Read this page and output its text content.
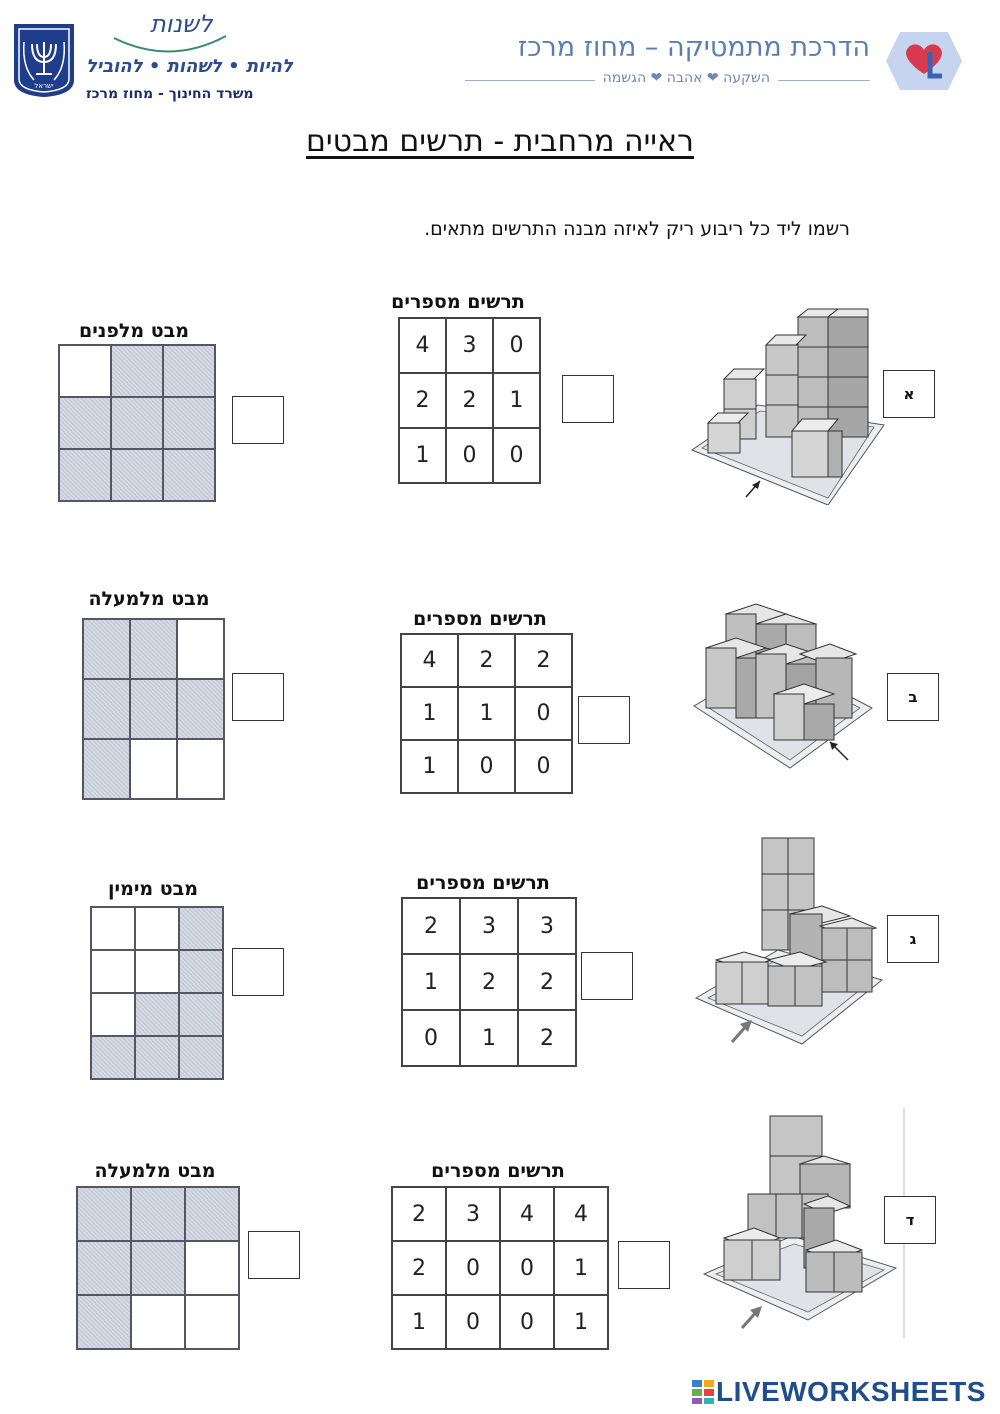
ישראל
לשנות
להיות • לשהות • להוביל
משרד החינוך - מחוז מרכז
הדרכת מתמטיקה – מחוז מרכז
השקעה ❤ אהבה ❤ הגשמה
ראייה מרחבית - תרשים מבטים
רשמו ליד כל ריבוע ריק לאיזה מבנה התרשים מתאים.
מבט מלפנים

תרשים מספרים
4	3	0
2	2	1
1	0	0
א
מבט מלמעלה

תרשים מספרים
4	2	2
1	1	0
1	0	0
ב
מבט מימין

			תרשים מספרים
2	3	3
1	2	2
0	1	2
ג
מבט מלמעלה

			תרשים מספרים
2	3	4	4
2	0	0	1
1	0	0	1
ד
LIVEWORKSHEETS
